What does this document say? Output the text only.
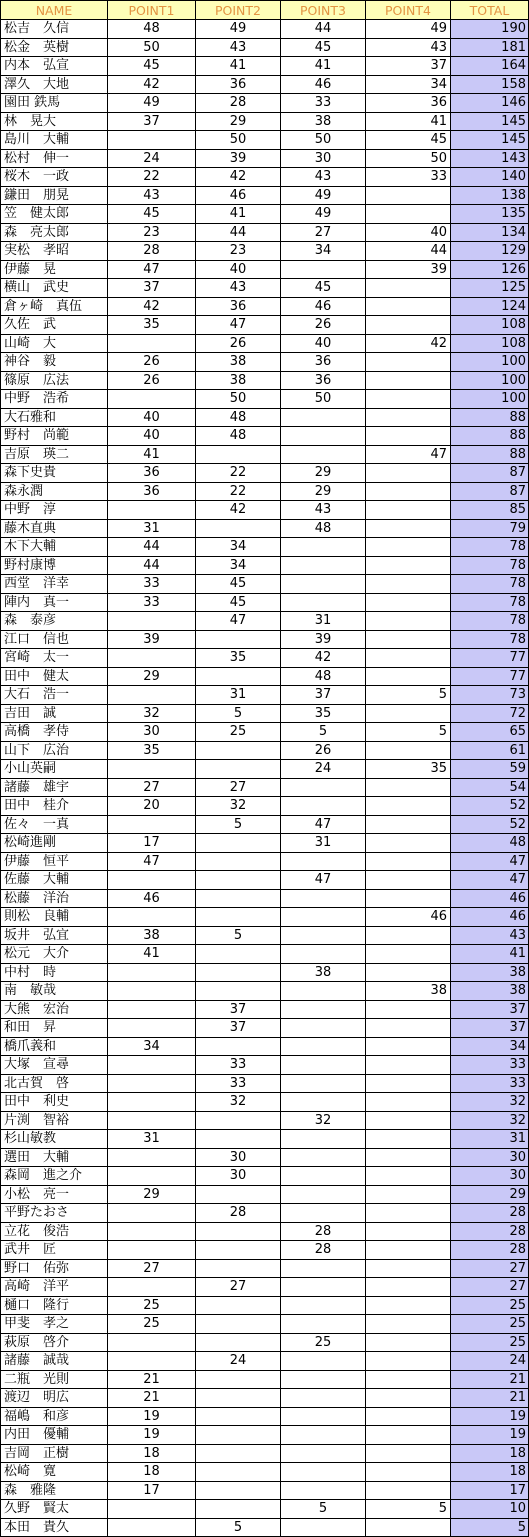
NAME	POINT1	POINT2	POINT3	POINT4	TOTAL
松吉　久信	48	49	44	49	190
松金　英樹	50	43	45	43	181
内本　弘宣	45	41	41	37	164
澤久　大地	42	36	46	34	158
園田 鉄馬	49	28	33	36	146
林　晃大	37	29	38	41	145
島川　大輔		50	50	45	145
松村　伸一	24	39	30	50	143
桜木　一政	22	42	43	33	140
鎌田　朋晃	43	46	49		138
笠　健太郎	45	41	49		135
森　亮太郎	23	44	27	40	134
実松　孝昭	28	23	34	44	129
伊藤　晃	47	40		39	126
横山　武史	37	43	45		125
倉ヶ崎　真伍	42	36	46		124
久佐　武	35	47	26		108
山崎　大		26	40	42	108
神谷　毅	26	38	36		100
篠原　広法	26	38	36		100
中野　浩希		50	50		100
大石雅和	40	48			88
野村　尚範	40	48			88
吉原　瑛二	41			47	88
森下史貴	36	22	29		87
森永潤	36	22	29		87
中野　淳		42	43		85
藤木直典	31		48		79
木下大輔	44	34			78
野村康博	44	34			78
西堂　洋幸	33	45			78
陣内　真一	33	45			78
森　泰彦		47	31		78
江口　信也	39		39		78
宮崎　太一		35	42		77
田中　健太	29		48		77
大石　浩一		31	37	5	73
吉田　誠	32	5	35		72
高橋　孝侍	30	25	5	5	65
山下　広治	35		26		61
小山英嗣			24	35	59
諸藤　雄宇	27	27			54
田中　桂介	20	32			52
佐々　一真		5	47		52
松崎進剛	17		31		48
伊藤　恒平	47				47
佐藤　大輔			47		47
松藤　洋治	46				46
則松　良輔				46	46
坂井　弘宜	38	5			43
松元　大介	41				41
中村　時			38		38
南　敏哉				38	38
大熊　宏治		37			37
和田　昇		37			37
橋爪義和	34				34
大塚　宣尋		33			33
北古賀　啓		33			33
田中　利史		32			32
片渕　智裕			32		32
杉山敏教	31				31
選田　大輔		30			30
森岡　進之介		30			30
小松　亮一	29				29
平野たおさ		28			28
立花　俊浩			28		28
武井　匠			28		28
野口　佑弥	27				27
高崎　洋平		27			27
樋口　隆行	25				25
甲斐　孝之	25				25
萩原　啓介			25		25
諸藤　誠哉		24			24
二瓶　光則	21				21
渡辺　明広	21				21
福嶋　和彦	19				19
内田　優輔	19				19
吉岡　正樹	18				18
松崎　寛	18				18
森　雅隆	17				17
久野　賢太			5	5	10
本田　貴久		5			5
